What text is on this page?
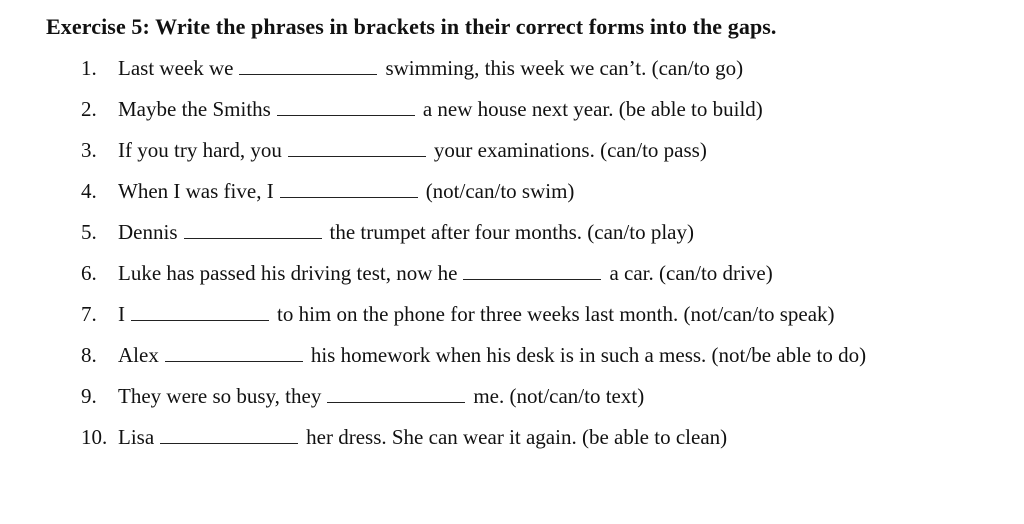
Exercise 5: Write the phrases in brackets in their correct forms into the gaps.
1. Last week we	swimming, this week we can’t. (can/to go)
2. Maybe the Smiths	a new house next year. (be able to build)
3. If you try hard, you	your examinations. (can/to pass)
4. When I was five, I	(not/can/to swim)
5. Dennis	the trumpet after four months. (can/to play)
6. Luke has passed his driving test, now he	a car. (can/to drive)
7. I	to him on the phone for three weeks last month. (not/can/to speak)
8. Alex	his homework when his desk is in such a mess. (not/be able to do)
9. They were so busy, they	me. (not/can/to text)
10. Lisa	her dress. She can wear it again. (be able to clean)
